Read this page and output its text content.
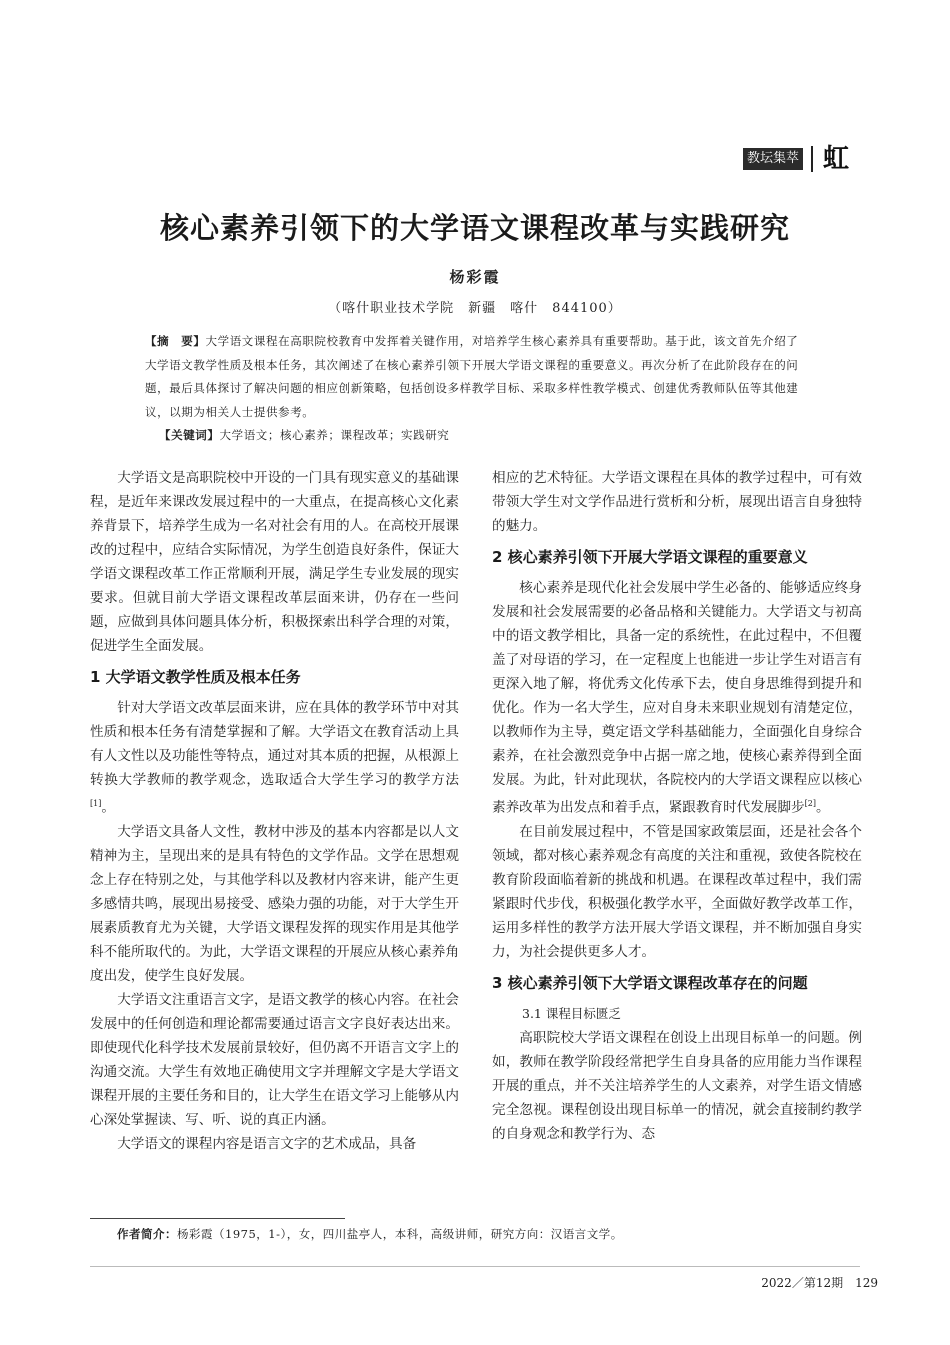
教坛集萃 虹
核心素养引领下的大学语文课程改革与实践研究
杨彩霞
（喀什职业技术学院　新疆　喀什　844100）
【摘　要】大学语文课程在高职院校教育中发挥着关键作用，对培养学生核心素养具有重要帮助。基于此，该文首先介绍了大学语文教学性质及根本任务，其次阐述了在核心素养引领下开展大学语文课程的重要意义。再次分析了在此阶段存在的问题，最后具体探讨了解决问题的相应创新策略，包括创设多样教学目标、采取多样性教学模式、创建优秀教师队伍等其他建议，以期为相关人士提供参考。
【关键词】大学语文；核心素养；课程改革；实践研究

大学语文是高职院校中开设的一门具有现实意义的基础课程，是近年来课改发展过程中的一大重点，在提高核心文化素养背景下，培养学生成为一名对社会有用的人。在高校开展课改的过程中，应结合实际情况，为学生创造良好条件，保证大学语文课程改革工作正常顺利开展，满足学生专业发展的现实要求。但就目前大学语文课程改革层面来讲，仍存在一些问题，应做到具体问题具体分析，积极探索出科学合理的对策，促进学生全面发展。

1 大学语文教学性质及根本任务

针对大学语文改革层面来讲，应在具体的教学环节中对其性质和根本任务有清楚掌握和了解。大学语文在教育活动上具有人文性以及功能性等特点，通过对其本质的把握，从根源上转换大学教师的教学观念，选取适合大学生学习的教学方法[1]。

大学语文具备人文性，教材中涉及的基本内容都是以人文精神为主，呈现出来的是具有特色的文学作品。文学在思想观念上存在特别之处，与其他学科以及教材内容来讲，能产生更多感情共鸣，展现出易接受、感染力强的功能，对于大学生开展素质教育尤为关键，大学语文课程发挥的现实作用是其他学科不能所取代的。为此，大学语文课程的开展应从核心素养角度出发，使学生良好发展。

大学语文注重语言文字，是语文教学的核心内容。在社会发展中的任何创造和理论都需要通过语言文字良好表达出来。即使现代化科学技术发展前景较好，但仍离不开语言文字上的沟通交流。大学生有效地正确使用文字并理解文字是大学语文课程开展的主要任务和目的，让大学生在语文学习上能够从内心深处掌握读、写、听、说的真正内涵。

大学语文的课程内容是语言文字的艺术成品，具备

相应的艺术特征。大学语文课程在具体的教学过程中，可有效带领大学生对文学作品进行赏析和分析，展现出语言自身独特的魅力。

2 核心素养引领下开展大学语文课程的重要意义

核心素养是现代化社会发展中学生必备的、能够适应终身发展和社会发展需要的必备品格和关键能力。大学语文与初高中的语文教学相比，具备一定的系统性，在此过程中，不但覆盖了对母语的学习，在一定程度上也能进一步让学生对语言有更深入地了解，将优秀文化传承下去，使自身思维得到提升和优化。作为一名大学生，应对自身未来职业规划有清楚定位，以教师作为主导，奠定语文学科基础能力，全面强化自身综合素养，在社会激烈竞争中占据一席之地，使核心素养得到全面发展。为此，针对此现状，各院校内的大学语文课程应以核心素养改革为出发点和着手点，紧跟教育时代发展脚步[2]。

在目前发展过程中，不管是国家政策层面，还是社会各个领域，都对核心素养观念有高度的关注和重视，致使各院校在教育阶段面临着新的挑战和机遇。在课程改革过程中，我们需紧跟时代步伐，积极强化教学水平，全面做好教学改革工作，运用多样性的教学方法开展大学语文课程，并不断加强自身实力，为社会提供更多人才。

3 核心素养引领下大学语文课程改革存在的问题
3.1 课程目标匮乏

高职院校大学语文课程在创设上出现目标单一的问题。例如，教师在教学阶段经常把学生自身具备的应用能力当作课程开展的重点，并不关注培养学生的人文素养，对学生语文情感完全忽视。课程创设出现目标单一的情况，就会直接制约教学的自身观念和教学行为、态

作者简介：杨彩霞（1975，1-），女，四川盐亭人，本科，高级讲师，研究方向：汉语言文学。
2022／第12期　129
